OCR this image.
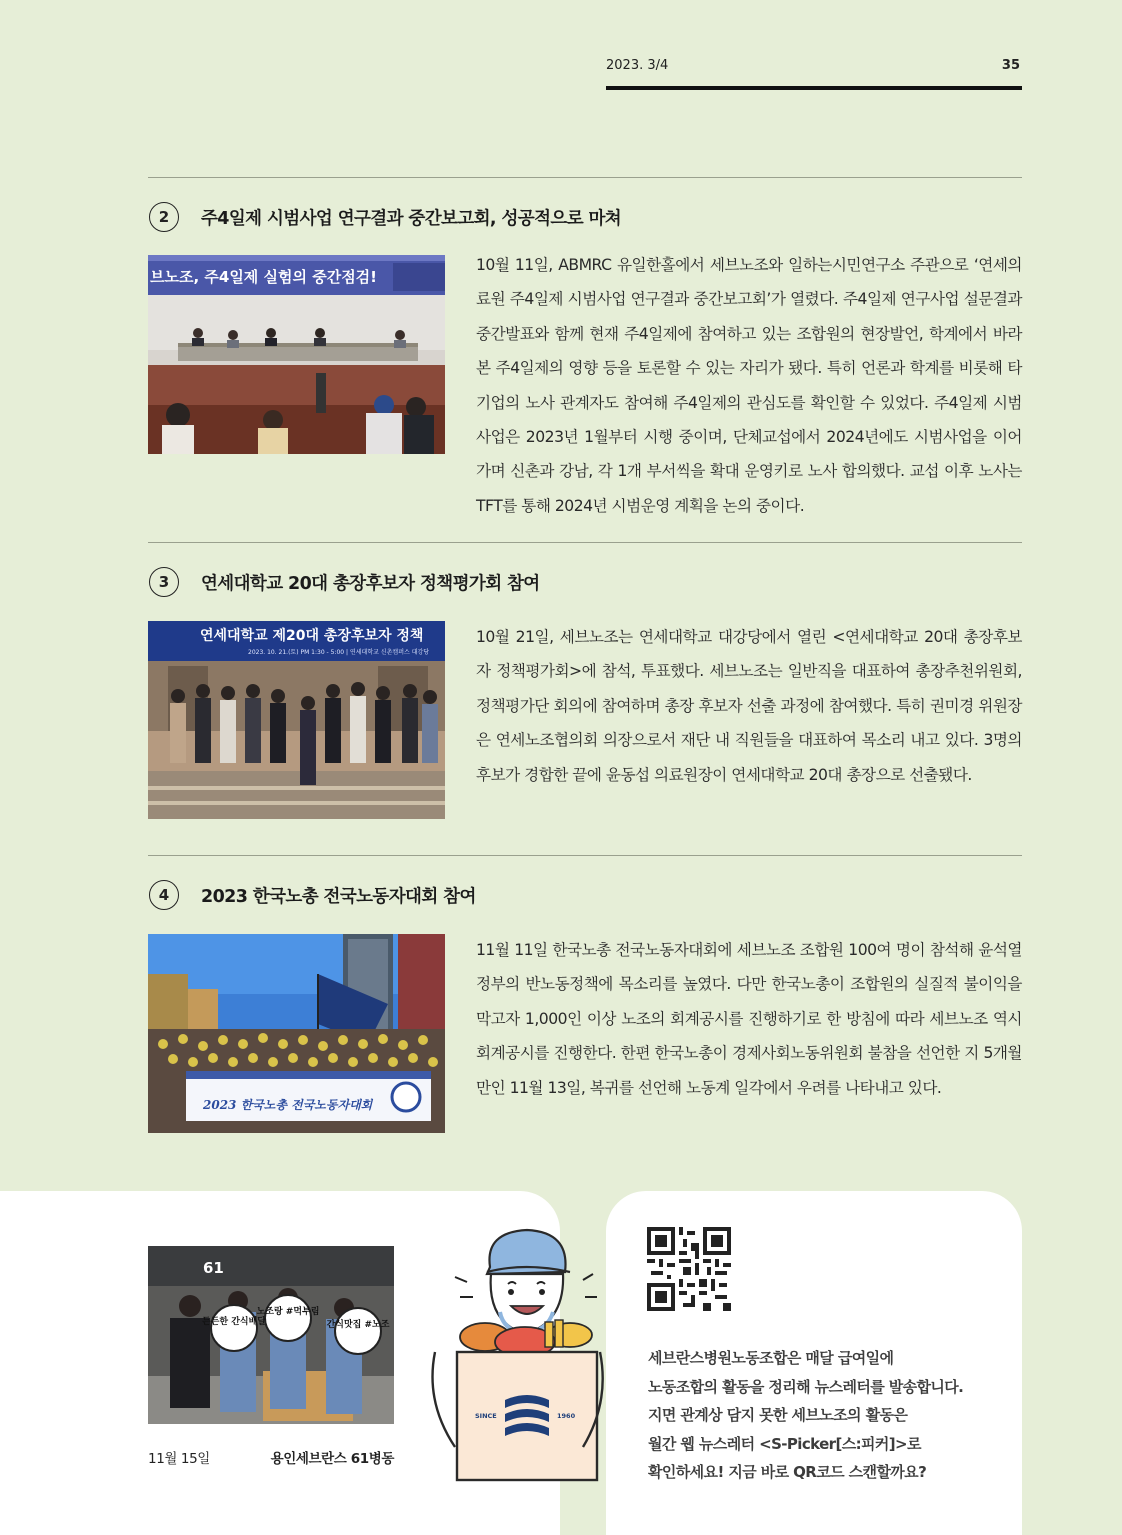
2023. 3/4	35
2	주4일제 시범사업 연구결과 중간보고회, 성공적으로 마쳐
브노조, 주4일제 실험의 중간점검!
10월 11일, ABMRC 유일한홀에서 세브노조와 일하는시민연구소 주관으로 ‘연세의료원 주4일제 시범사업 연구결과 중간보고회’가 열렸다. 주4일제 연구사업 설문결과 중간발표와 함께 현재 주4일제에 참여하고 있는 조합원의 현장발언, 학계에서 바라본 주4일제의 영향 등을 토론할 수 있는 자리가 됐다. 특히 언론과 학계를 비롯해 타 기업의 노사 관계자도 참여해 주4일제의 관심도를 확인할 수 있었다. 주4일제 시범사업은 2023년 1월부터 시행 중이며, 단체교섭에서 2024년에도 시범사업을 이어가며 신촌과 강남, 각 1개 부서씩을 확대 운영키로 노사 합의했다. 교섭 이후 노사는 TFT를 통해 2024년 시범운영 계획을 논의 중이다.
3	연세대학교 20대 총장후보자 정책평가회 참여
연세대학교 제20대 총장후보자 정책
2023. 10. 21.(토) PM 1:30 - 5:00 | 연세대학교 신촌캠퍼스 대강당
10월 21일, 세브노조는 연세대학교 대강당에서 열린 <연세대학교 20대 총장후보자 정책평가회>에 참석, 투표했다. 세브노조는 일반직을 대표하여 총장추천위원회, 정책평가단 회의에 참여하며 총장 후보자 선출 과정에 참여했다. 특히 권미경 위원장은 연세노조협의회 의장으로서 재단 내 직원들을 대표하여 목소리 내고 있다. 3명의 후보가 경합한 끝에 윤동섭 의료원장이 연세대학교 20대 총장으로 선출됐다.
4	2023 한국노총 전국노동자대회 참여
2023 한국노총 전국노동자대회
11월 11일 한국노총 전국노동자대회에 세브노조 조합원 100여 명이 참석해 윤석열 정부의 반노동정책에 목소리를 높였다. 다만 한국노총이 조합원의 실질적 불이익을 막고자 1,000인 이상 노조의 회계공시를 진행하기로 한 방침에 따라 세브노조 역시 회계공시를 진행한다. 한편 한국노총이 경제사회노동위원회 불참을 선언한 지 5개월 만인 11월 13일, 복귀를 선언해 노동계 일각에서 우려를 나타내고 있다.
61
든든한 간식배달
노조랑 #먹부림
간식맛집 #노조
11월 15일	용인세브란스 61병동
SINCE	1960
세브란스병원노동조합은 매달 급여일에
노동조합의 활동을 정리해 뉴스레터를 발송합니다.
지면 관계상 담지 못한 세브노조의 활동은
월간 웹 뉴스레터 <S-Picker[스:피커]>로
확인하세요! 지금 바로 QR코드 스캔할까요?
